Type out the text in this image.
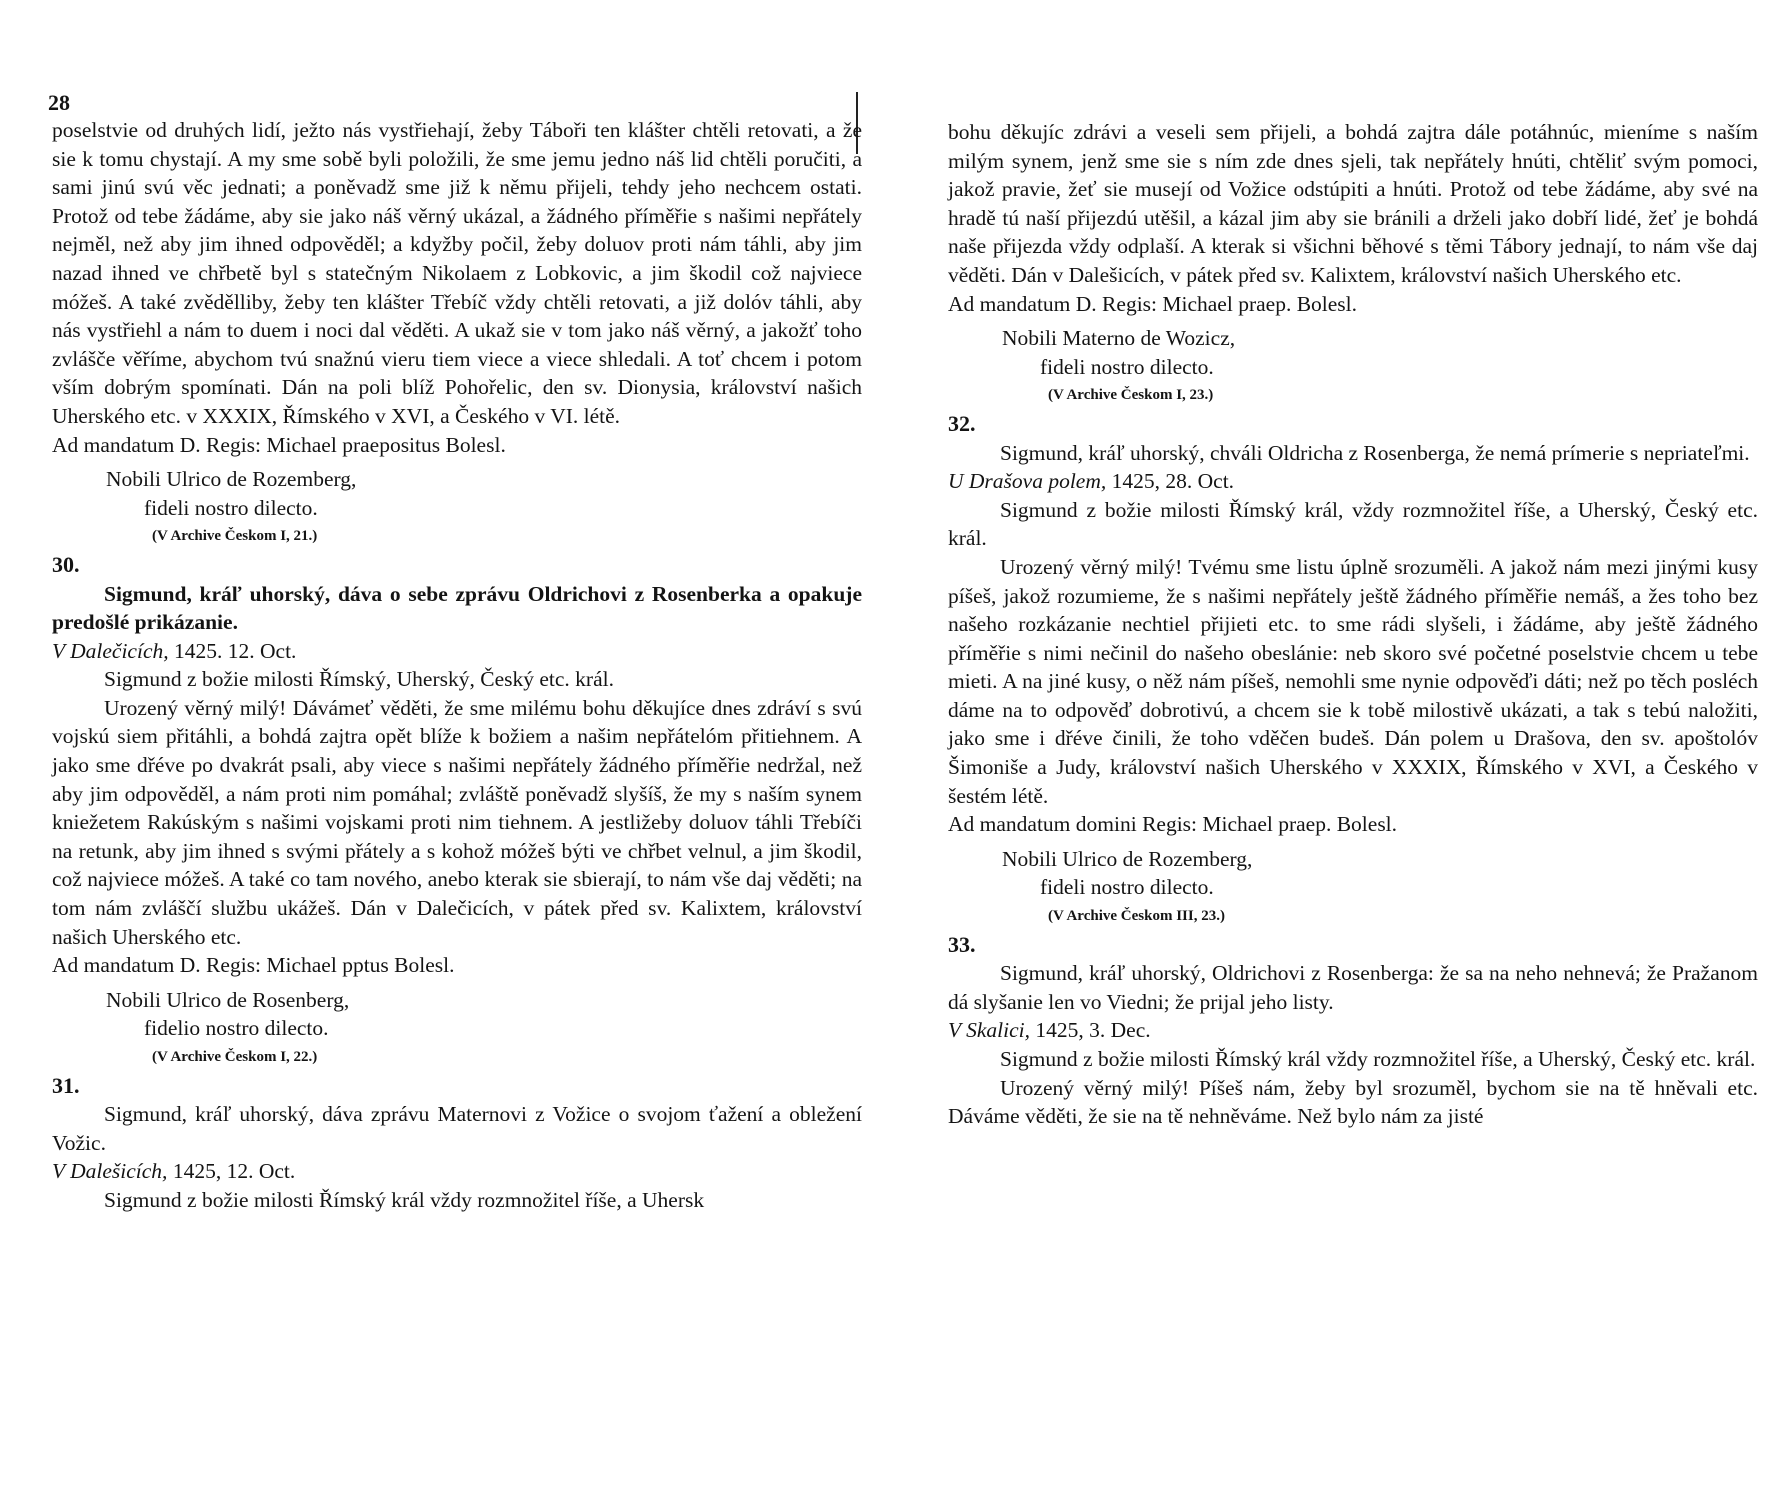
28

poselstvie od druhých lidí, ježto nás vystřiehají, žeby Táboři ten klášter chtěli retovati, a že sie k tomu chystají. A my sme sobě byli položili, že sme jemu jedno náš lid chtěli poručiti, a sami jinú svú věc jednati; a poněvadž sme již k němu přijeli, tehdy jeho nechcem ostati. Protož od tebe žádáme, aby sie jako náš věrný ukázal, a žádného příměřie s našimi nepřátely nejměl, než aby jim ihned odpověděl; a kdyžby počil, žeby doluov proti nám táhli, aby jim nazad ihned ve chřbetě byl s statečným Nikolaem z Lobkovic, a jim škodil což najviece móžeš. A také zvědělliby, žeby ten klášter Třebíč vždy chtěli retovati, a již dolóv táhli, aby nás vystřiehl a nám to duem i noci dal věděti. A ukaž sie v tom jako náš věrný, a jakožť toho zvlášče věříme, abychom tvú snažnú vieru tiem viece a viece shledali. A toť chcem i potom vším dobrým spomínati. Dán na poli blíž Pohořelic, den sv. Dionysia, království našich Uherského etc. v XXXIX, Římského v XVI, a Českého v VI. létě.

Ad mandatum D. Regis: Michael praepositus Bolesl.

Nobili Ulrico de Rozemberg,
fideli nostro dilecto.

(V Archive Českom I, 21.)

30.

Sigmund, kráľ uhorský, dáva o sebe zprávu Oldrichovi z Rosenberka a opakuje predošlé prikázanie.

V Dalečicích, 1425. 12. Oct.

Sigmund z božie milosti Římský, Uherský, Český etc. král.

Urozený věrný milý! Dávámeť věděti, že sme milému bohu děkujíce dnes zdráví s svú vojskú siem přitáhli, a bohdá zajtra opět blíže k božiem a našim nepřátelóm přitiehnem. A jako sme dřéve po dvakrát psali, aby viece s našimi nepřátely žádného příměřie nedržal, než aby jim odpověděl, a nám proti nim pomáhal; zvláště poněvadž slyšíš, že my s naším synem kniežetem Rakúským s našimi vojskami proti nim tiehnem. A jestližeby doluov táhli Třebíči na retunk, aby jim ihned s svými přátely a s kohož móžeš býti ve chřbet velnul, a jim škodil, což najviece móžeš. A také co tam nového, anebo kterak sie sbierají, to nám vše daj věděti; na tom nám zvláščí službu ukážeš. Dán v Dalečicích, v pátek před sv. Kalixtem, království našich Uherského etc.

Ad mandatum D. Regis: Michael pptus Bolesl.

Nobili Ulrico de Rosenberg,
fidelio nostro dilecto.

(V Archive Českom I, 22.)

31.

Sigmund, kráľ uhorský, dáva zprávu Maternovi z Vožice o svojom ťažení a obležení Vožic.

V Dalešicích, 1425, 12. Oct.

Sigmund z božie milosti Římský král vždy rozmnožitel říše, a Uhersk

bohu děkujíc zdrávi a veseli sem přijeli, a bohdá zajtra dále potáhnúc, mieníme s naším milým synem, jenž sme sie s ním zde dnes sjeli, tak nepřátely hnúti, chtěliť svým pomoci, jakož pravie, žeť sie musejí od Vožice odstúpiti a hnúti. Protož od tebe žádáme, aby své na hradě tú naší přijezdú utěšil, a kázal jim aby sie bránili a drželi jako dobří lidé, žeť je bohdá naše přijezda vždy odplaší. A kterak si všichni běhové s těmi Tábory jednají, to nám vše daj věděti. Dán v Dalešicích, v pátek před sv. Kalixtem, království našich Uherského etc.

Ad mandatum D. Regis: Michael praep. Bolesl.

Nobili Materno de Wozicz,
fideli nostro dilecto.

(V Archive Českom I, 23.)

32.

Sigmund, kráľ uhorský, chváli Oldricha z Rosenberga, že nemá prímerie s nepriateľmi.

U Drašova polem, 1425, 28. Oct.

Sigmund z božie milosti Římský král, vždy rozmnožitel říše, a Uherský, Český etc. král.

Urozený věrný milý! Tvému sme listu úplně srozuměli. A jakož nám mezi jinými kusy píšeš, jakož rozumieme, že s našimi nepřátely ještě žádného příměřie nemáš, a žes toho bez našeho rozkázanie nechtiel přijieti etc. to sme rádi slyšeli, i žádáme, aby ještě žádného příměřie s nimi nečinil do našeho obeslánie: neb skoro své početné poselstvie chcem u tebe mieti. A na jiné kusy, o něž nám píšeš, nemohli sme nynie odpověďi dáti; než po těch posléch dáme na to odpověď dobrotivú, a chcem sie k tobě milostivě ukázati, a tak s tebú naložiti, jako sme i dřéve činili, že toho vděčen budeš. Dán polem u Drašova, den sv. apoštolóv Šimoniše a Judy, království našich Uherského v XXXIX, Římského v XVI, a Českého v šestém létě.

Ad mandatum domini Regis: Michael praep. Bolesl.

Nobili Ulrico de Rozemberg,
fideli nostro dilecto.

(V Archive Českom III, 23.)

33.

Sigmund, kráľ uhorský, Oldrichovi z Rosenberga: že sa na neho nehnevá; že Pražanom dá slyšanie len vo Viedni; že prijal jeho listy.

V Skalici, 1425, 3. Dec.

Sigmund z božie milosti Římský král vždy rozmnožitel říše, a Uherský, Český etc. král.

Urozený věrný milý! Píšeš nám, žeby byl srozuměl, bychom sie na tě hněvali etc. Dáváme věděti, že sie na tě nehněváme. Než bylo nám za jisté
